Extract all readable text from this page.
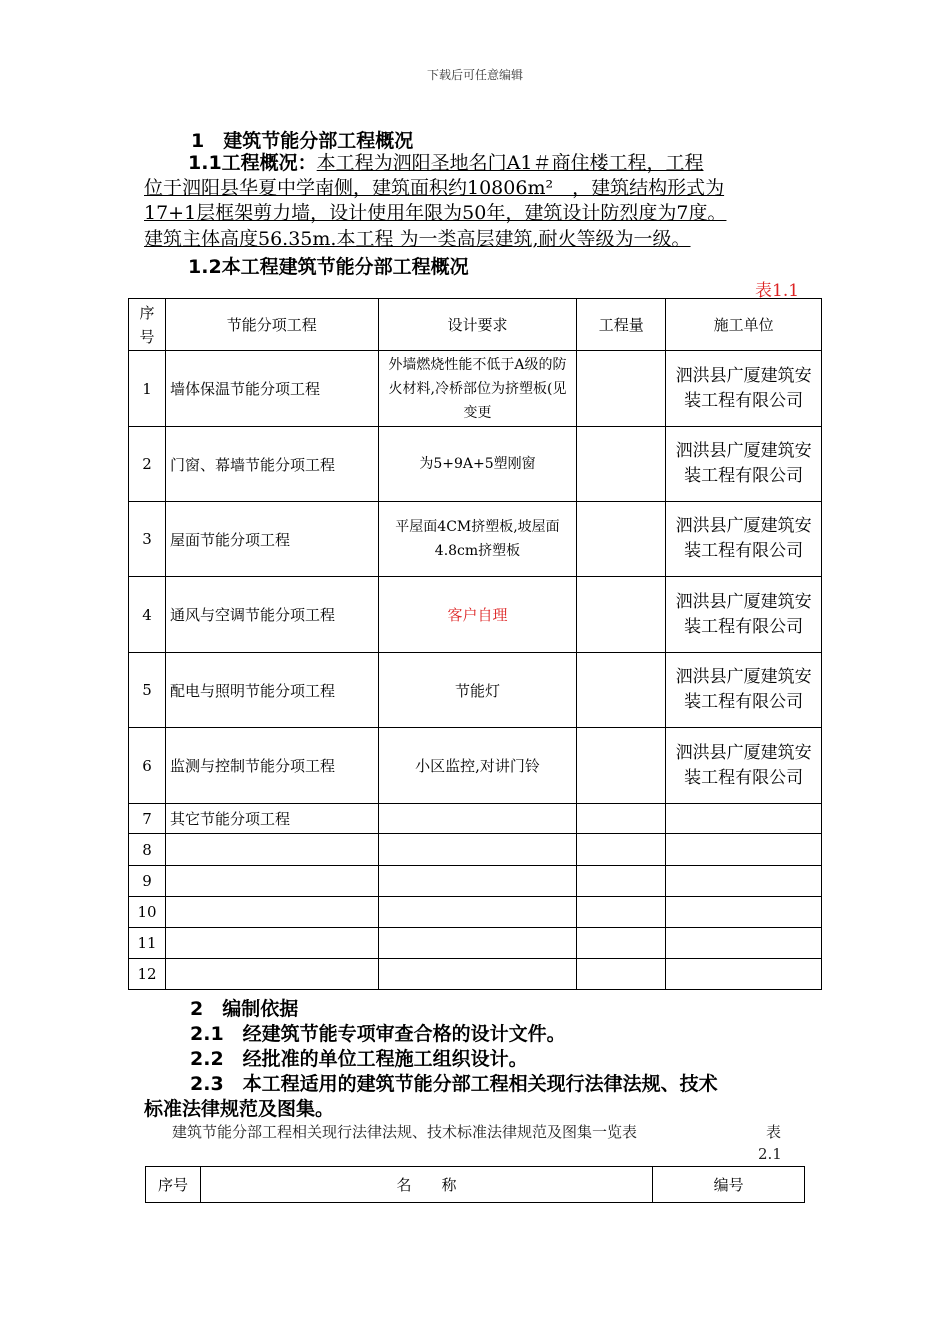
下载后可任意编辑
1　建筑节能分部工程概况
1.1工程概况：本工程为泗阳圣地名门A1＃商住楼工程，工程
位于泗阳县华夏中学南侧，建筑面积约10806m²　，建筑结构形式为
17+1层框架剪力墙，设计使用年限为50年，建筑设计防烈度为7度。
建筑主体高度56.35m.本工程 为一类高层建筑,耐火等级为一级。
1.2本工程建筑节能分部工程概况
表1.1
序号	节能分项工程	设计要求	工程量	施工单位
1	墙体保温节能分项工程	外墙燃烧性能不低于A级的防火材料,冷桥部位为挤塑板(见变更		泗洪县广厦建筑安装工程有限公司
2	门窗、幕墙节能分项工程	为5+9A+5塑刚窗		泗洪县广厦建筑安装工程有限公司
3	屋面节能分项工程	平屋面4CM挤塑板,坡屋面4.8cm挤塑板		泗洪县广厦建筑安装工程有限公司
4	通风与空调节能分项工程	客户自理		泗洪县广厦建筑安装工程有限公司
5	配电与照明节能分项工程	节能灯		泗洪县广厦建筑安装工程有限公司
6	监测与控制节能分项工程	小区监控,对讲门铃		泗洪县广厦建筑安装工程有限公司
7	其它节能分项工程			
8				
9				
10				
11				
12				
2　编制依据
2.1　经建筑节能专项审查合格的设计文件。
2.2　经批准的单位工程施工组织设计。
2.3　本工程适用的建筑节能分部工程相关现行法律法规、技术
标准法律规范及图集。
建筑节能分部工程相关现行法律法规、技术标准法律规范及图集一览表	表
2.1
序号	名　　称	编号
